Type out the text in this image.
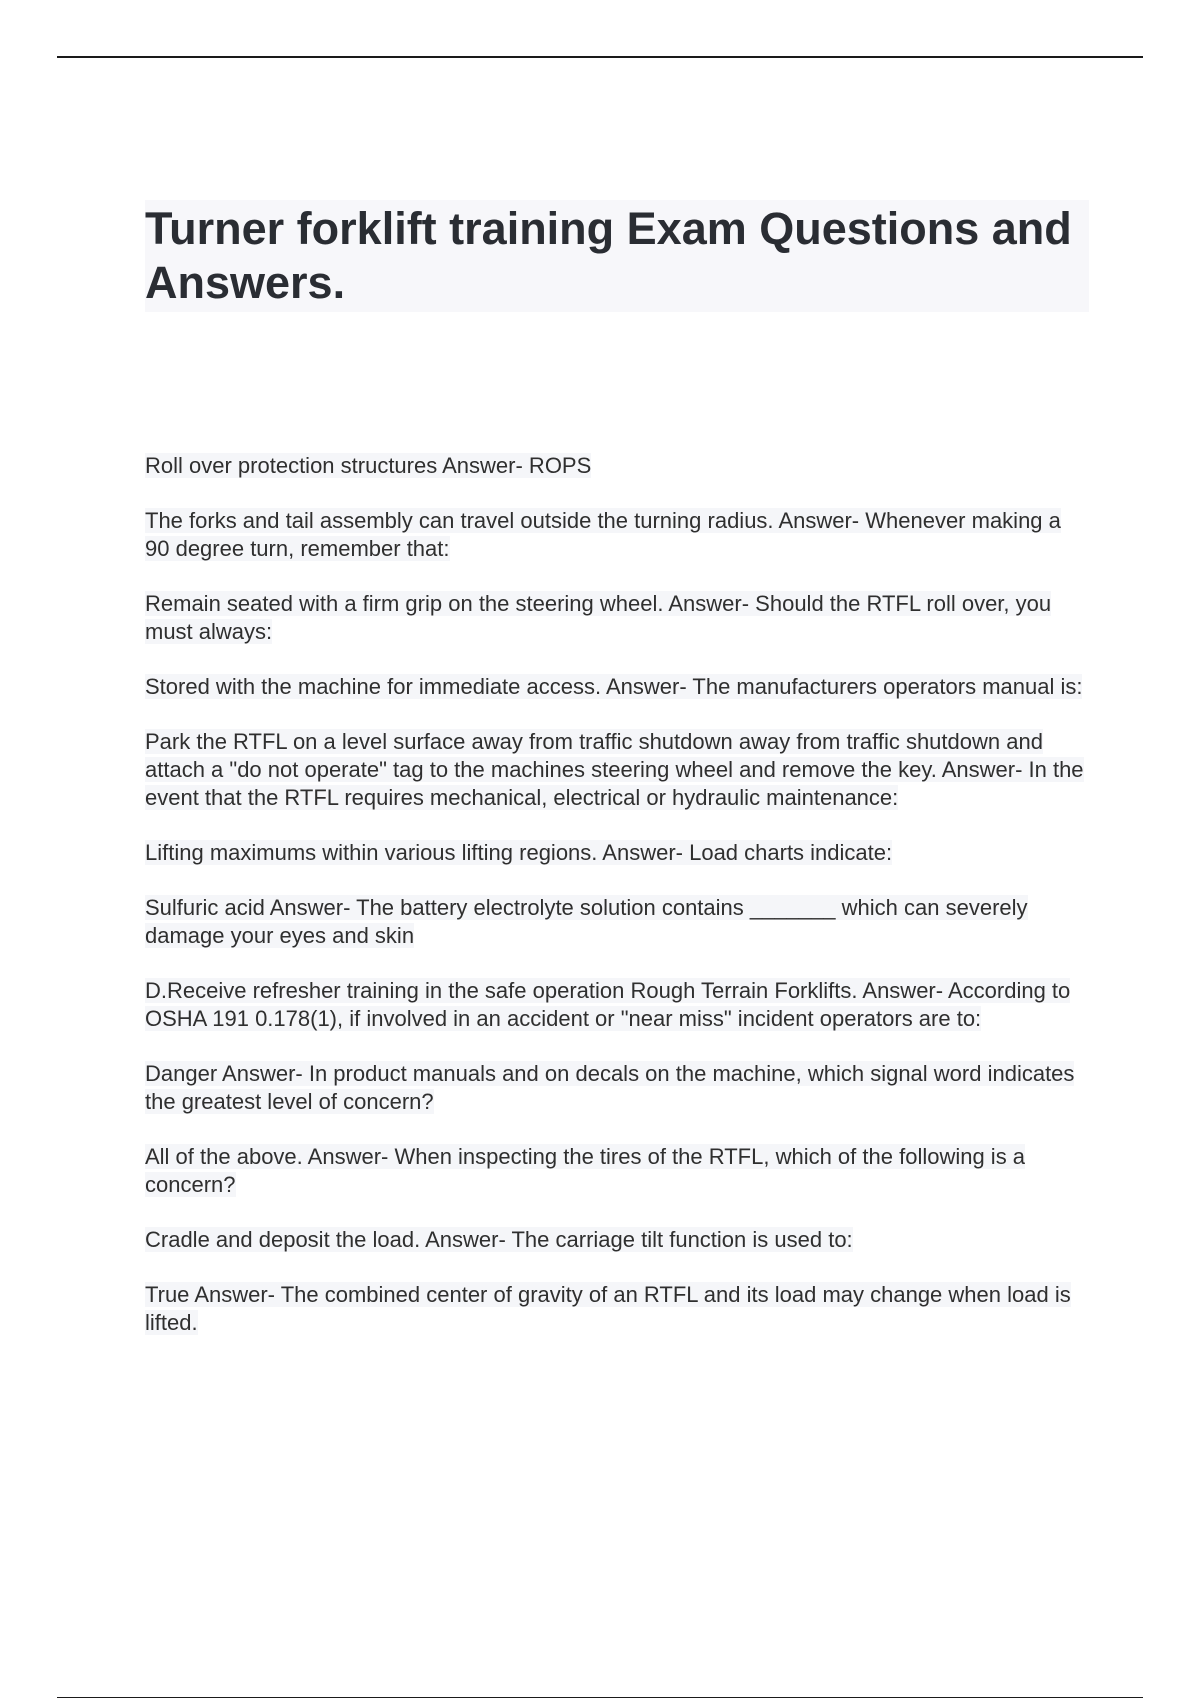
Turner forklift training Exam Questions and Answers.

Roll over protection structures Answer- ROPS

The forks and tail assembly can travel outside the turning radius. Answer- Whenever making a 90 degree turn, remember that:

Remain seated with a firm grip on the steering wheel. Answer- Should the RTFL roll over, you must always:

Stored with the machine for immediate access. Answer- The manufacturers operators manual is:

Park the RTFL on a level surface away from traffic shutdown away from traffic shutdown and attach a "do not operate" tag to the machines steering wheel and remove the key. Answer- In the event that the RTFL requires mechanical, electrical or hydraulic maintenance:

Lifting maximums within various lifting regions. Answer- Load charts indicate:

Sulfuric acid Answer- The battery electrolyte solution contains _______ which can severely damage your eyes and skin

D.Receive refresher training in the safe operation Rough Terrain Forklifts. Answer- According to OSHA 191 0.178(1), if involved in an accident or "near miss" incident operators are to:

Danger Answer- In product manuals and on decals on the machine, which signal word indicates the greatest level of concern?

All of the above. Answer- When inspecting the tires of the RTFL, which of the following is a concern?

Cradle and deposit the load. Answer- The carriage tilt function is used to:

True Answer- The combined center of gravity of an RTFL and its load may change when load is lifted.
